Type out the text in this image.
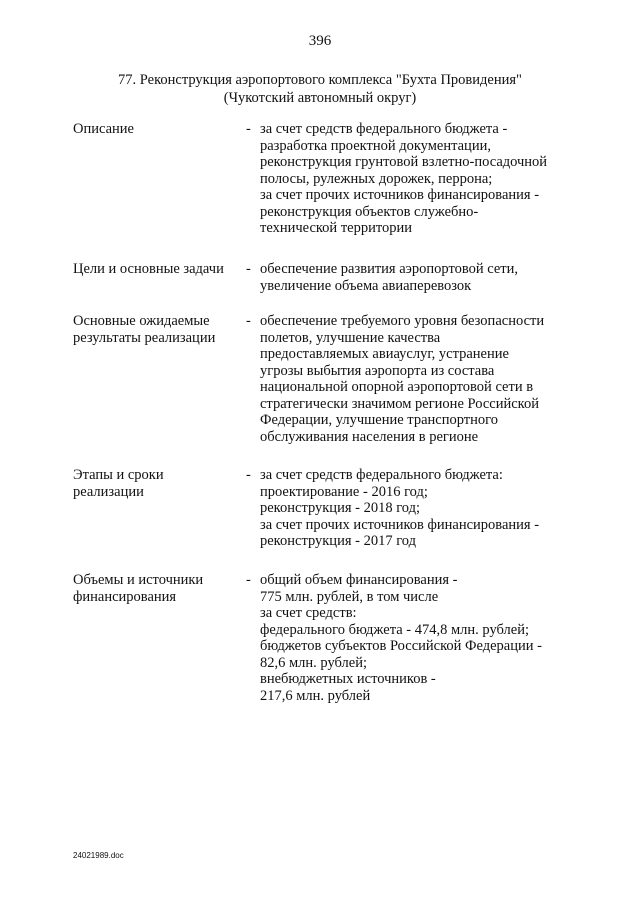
396
77. Реконструкция аэропортового комплекса "Бухта Провидения"
(Чукотский автономный округ)
Описание	- за счет средств федерального бюджета -
разработка проектной документации,
реконструкция грунтовой взлетно-посадочной
полосы, рулежных дорожек, перрона;
за счет прочих источников финансирования -
реконструкция объектов служебно-
технической территории
Цели и основные задачи	- обеспечение развития аэропортовой сети,
увеличение объема авиаперевозок
Основные ожидаемые
результаты реализации
- обеспечение требуемого уровня безопасности
полетов, улучшение качества
предоставляемых авиауслуг, устранение
угрозы выбытия аэропорта из состава
национальной опорной аэропортовой сети в
стратегически значимом регионе Российской
Федерации, улучшение транспортного
обслуживания населения в регионе
Этапы и сроки
реализации
- за счет средств федерального бюджета:
проектирование - 2016 год;
реконструкция - 2018 год;
за счет прочих источников финансирования -
реконструкция - 2017 год
Объемы и источники
финансирования
- общий объем финансирования -
775 млн. рублей, в том числе
за счет средств:
федерального бюджета - 474,8 млн. рублей;
бюджетов субъектов Российской Федерации -
82,6 млн. рублей;
внебюджетных источников -
217,6 млн. рублей
24021989.doc
